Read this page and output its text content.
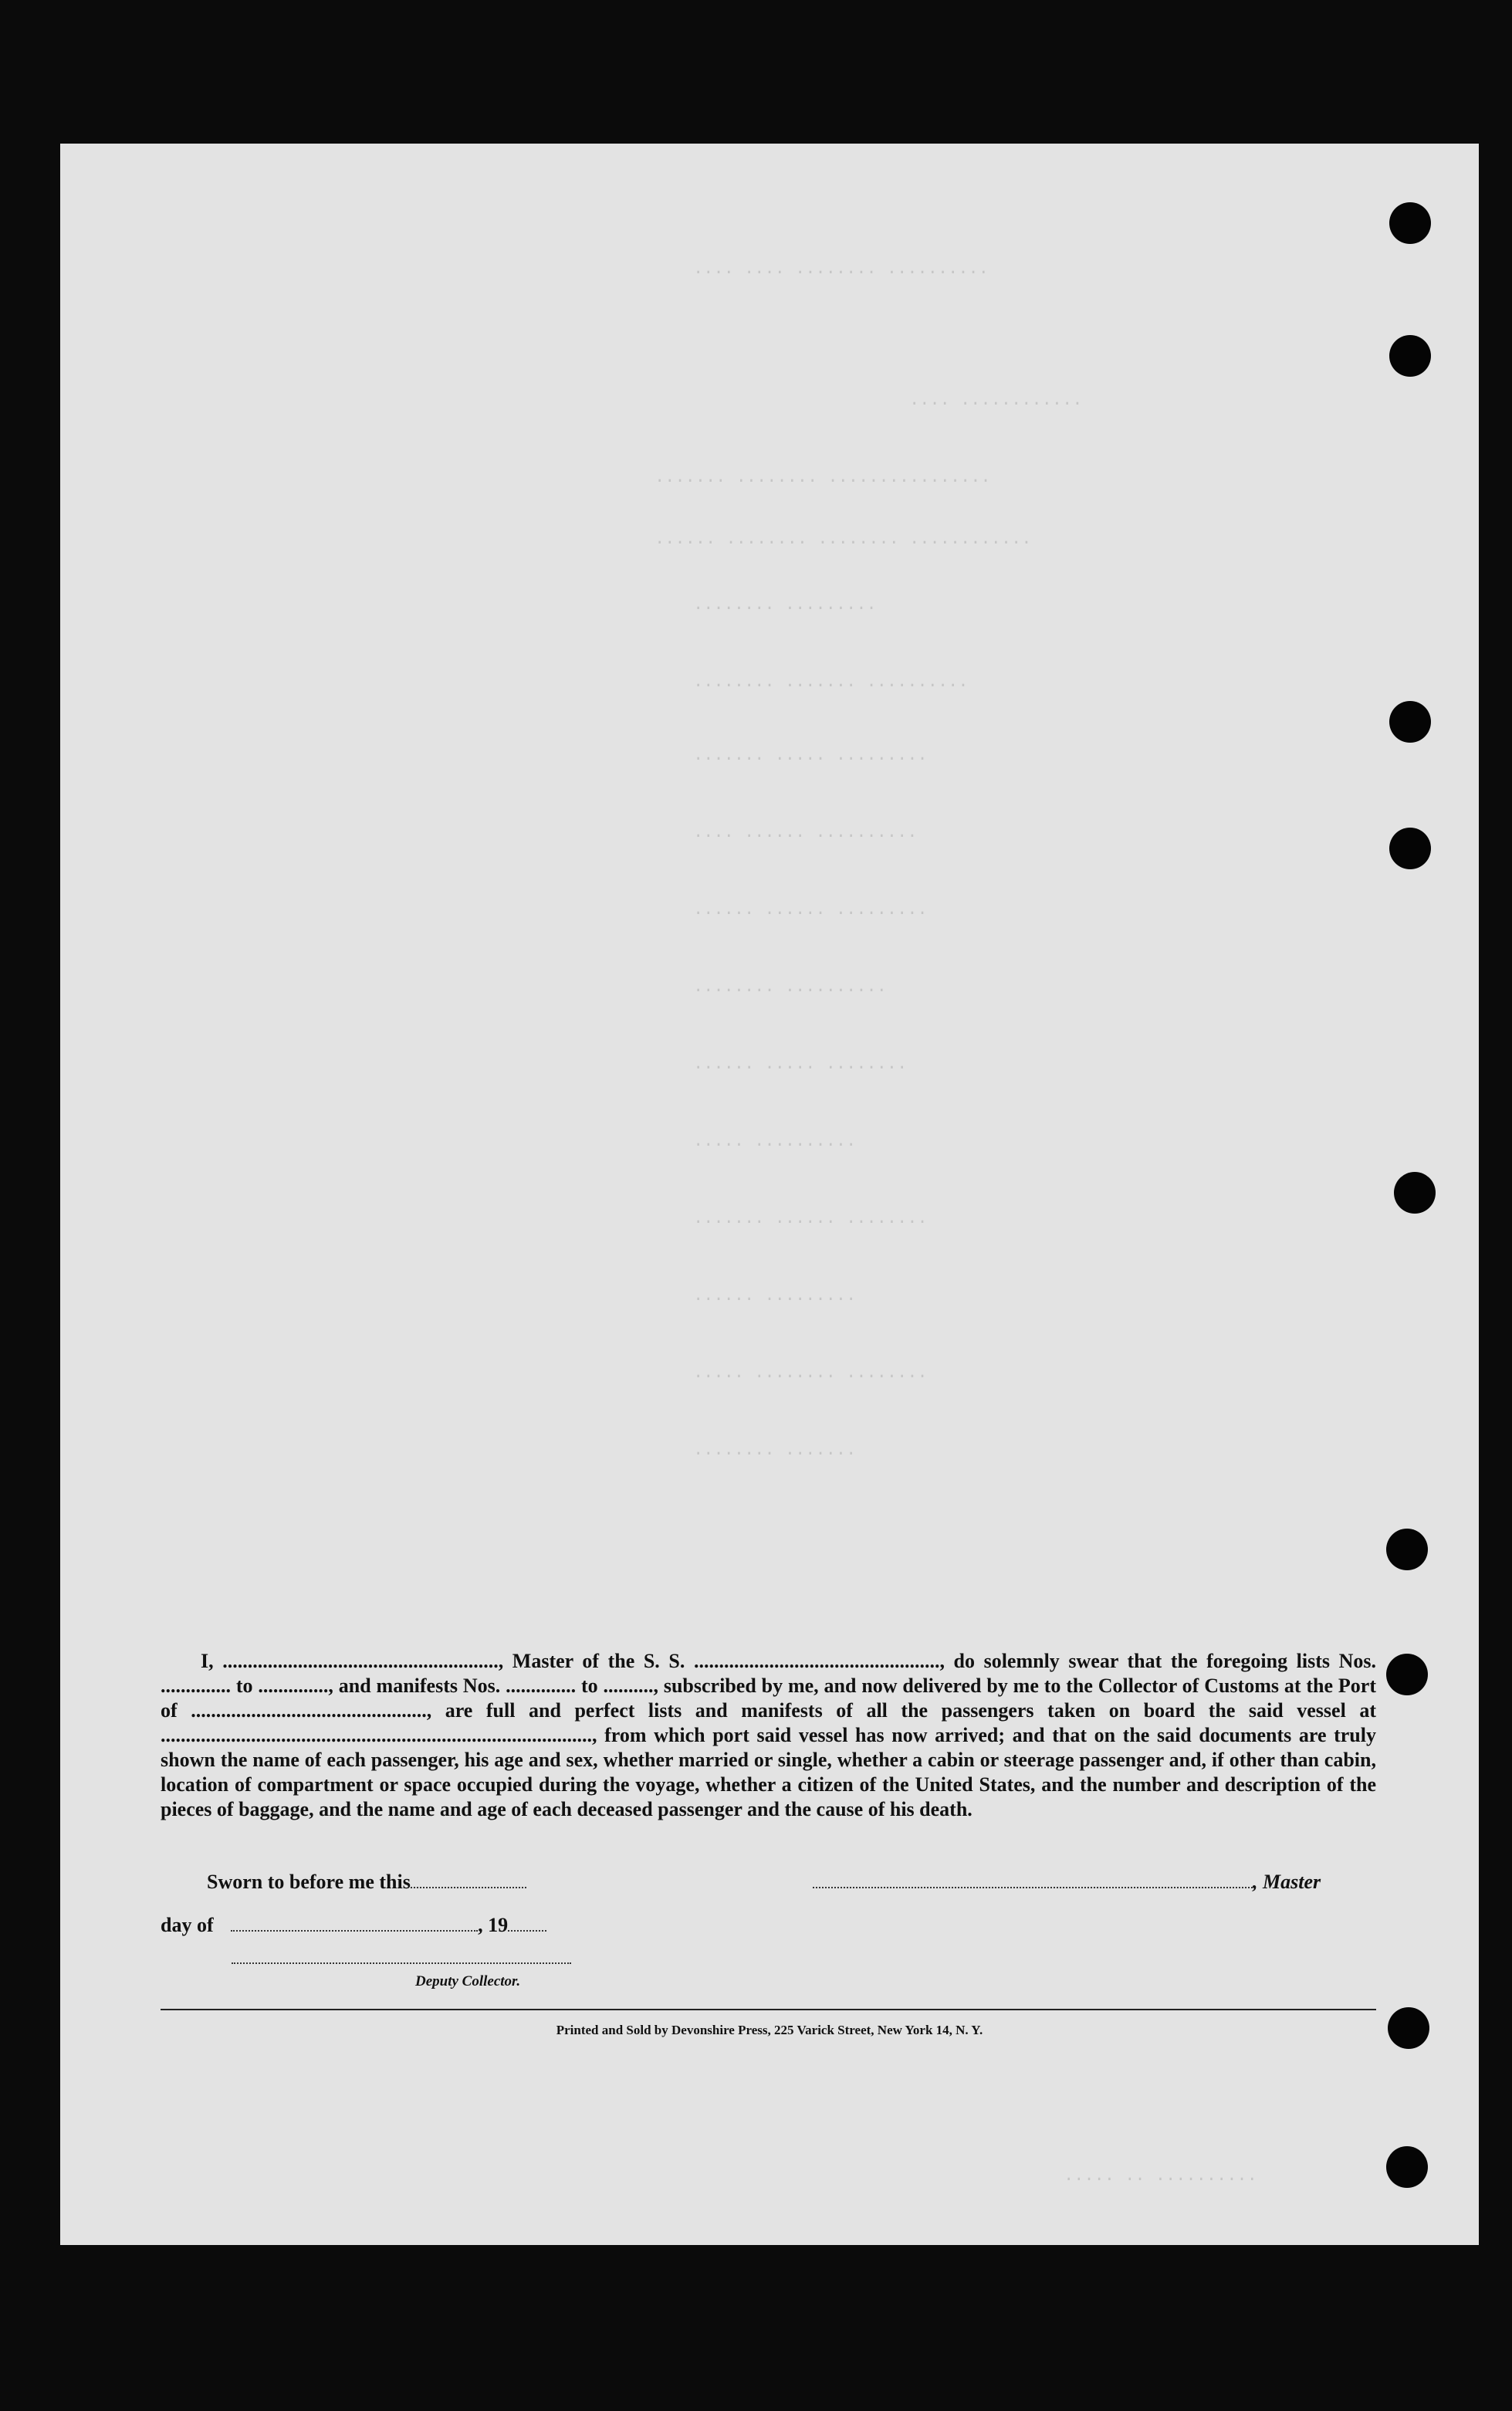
.......... ........ .... ....
............ ....
................ ........ .......
............ ........ ........ ......
......... ........
.......... ....... ........
......... ..... .......
.......... ...... ....
......... ...... ......
.......... ........
........ ..... ......
.......... .....
........ ...... .......
......... ......
........ ........ .....
....... ........
.......... .. .....

I, ......................................................., Master of the S. S. ................................................., do solemnly swear that the foregoing lists Nos. .............. to .............., and manifests Nos. .............. to .........., subscribed by me, and now delivered by me to the Collector of Customs at the Port of ..............................................., are full and perfect lists and manifests of all the passengers taken on board the said vessel at ......................................................................................, from which port said vessel has now arrived; and that on the said documents are truly shown the name of each passenger, his age and sex, whether married or single, whether a cabin or steerage passenger and, if other than cabin, location of compartment or space occupied during the voyage, whether a citizen of the United States, and the number and description of the pieces of baggage, and the name and age of each deceased passenger and the cause of his death.

Sworn to before me this	, Master
day of	, 19
Deputy Collector.
Printed and Sold by Devonshire Press, 225 Varick Street, New York 14, N. Y.
